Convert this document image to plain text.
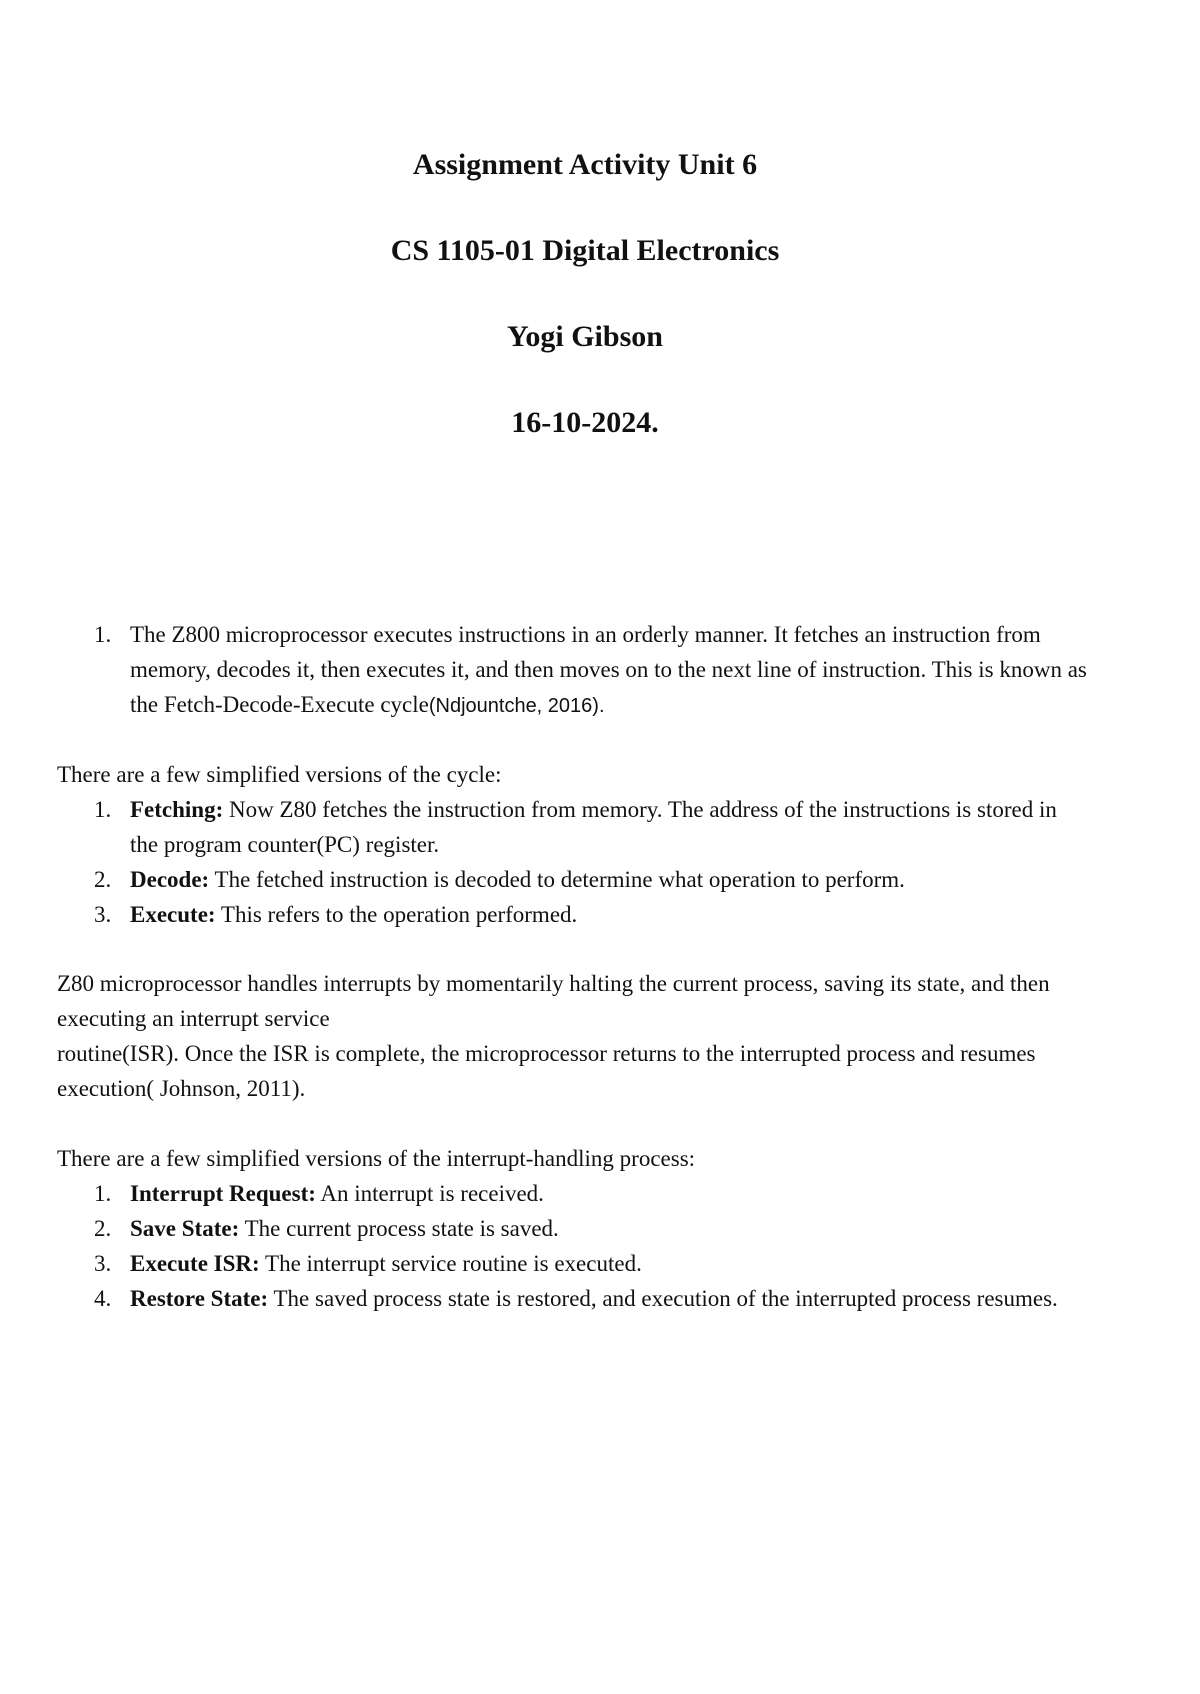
Assignment Activity Unit 6
CS 1105-01 Digital Electronics
Yogi Gibson
16-10-2024.
1. The Z800 microprocessor executes instructions in an orderly manner. It fetches an instruction from memory, decodes it, then executes it, and then moves on to the next line of instruction. This is known as the Fetch-Decode-Execute cycle(Ndjountche, 2016).
There are a few simplified versions of the cycle:
1. Fetching: Now Z80 fetches the instruction from memory. The address of the instructions is stored in the program counter(PC) register.
2. Decode: The fetched instruction is decoded to determine what operation to perform.
3. Execute: This refers to the operation performed.
Z80 microprocessor handles interrupts by momentarily halting the current process, saving its state, and then executing an interrupt service
routine(ISR). Once the ISR is complete, the microprocessor returns to the interrupted process and resumes execution( Johnson, 2011).
There are a few simplified versions of the interrupt-handling process:
1. Interrupt Request: An interrupt is received.
2. Save State: The current process state is saved.
3. Execute ISR: The interrupt service routine is executed.
4. Restore State: The saved process state is restored, and execution of the interrupted process resumes.
